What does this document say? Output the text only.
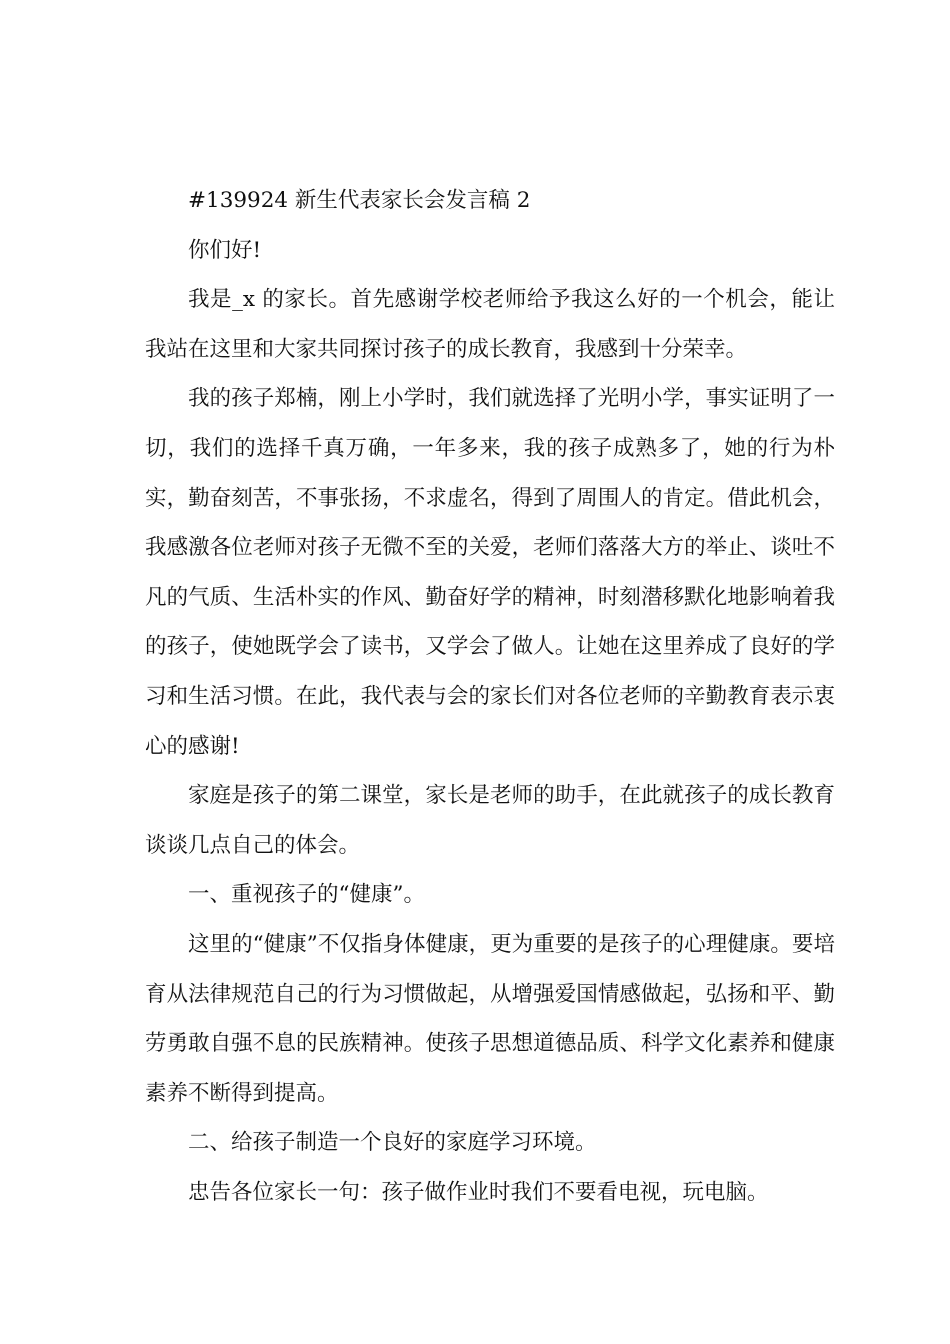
#139924 新生代表家长会发言稿 2

你们好!

我是_x 的家长。首先感谢学校老师给予我这么好的一个机会，能让我站在这里和大家共同探讨孩子的成长教育，我感到十分荣幸。

我的孩子郑楠，刚上小学时，我们就选择了光明小学，事实证明了一切，我们的选择千真万确，一年多来，我的孩子成熟多了，她的行为朴实，勤奋刻苦，不事张扬，不求虚名，得到了周围人的肯定。借此机会，我感激各位老师对孩子无微不至的关爱，老师们落落大方的举止、谈吐不凡的气质、生活朴实的作风、勤奋好学的精神，时刻潜移默化地影响着我的孩子，使她既学会了读书，又学会了做人。让她在这里养成了良好的学习和生活习惯。在此，我代表与会的家长们对各位老师的辛勤教育表示衷心的感谢!

家庭是孩子的第二课堂，家长是老师的助手，在此就孩子的成长教育谈谈几点自己的体会。

一、重视孩子的“健康”。

这里的“健康”不仅指身体健康，更为重要的是孩子的心理健康。要培育从法律规范自己的行为习惯做起，从增强爱国情感做起，弘扬和平、勤劳勇敢自强不息的民族精神。使孩子思想道德品质、科学文化素养和健康素养不断得到提高。

二、给孩子制造一个良好的家庭学习环境。

忠告各位家长一句：孩子做作业时我们不要看电视，玩电脑。
